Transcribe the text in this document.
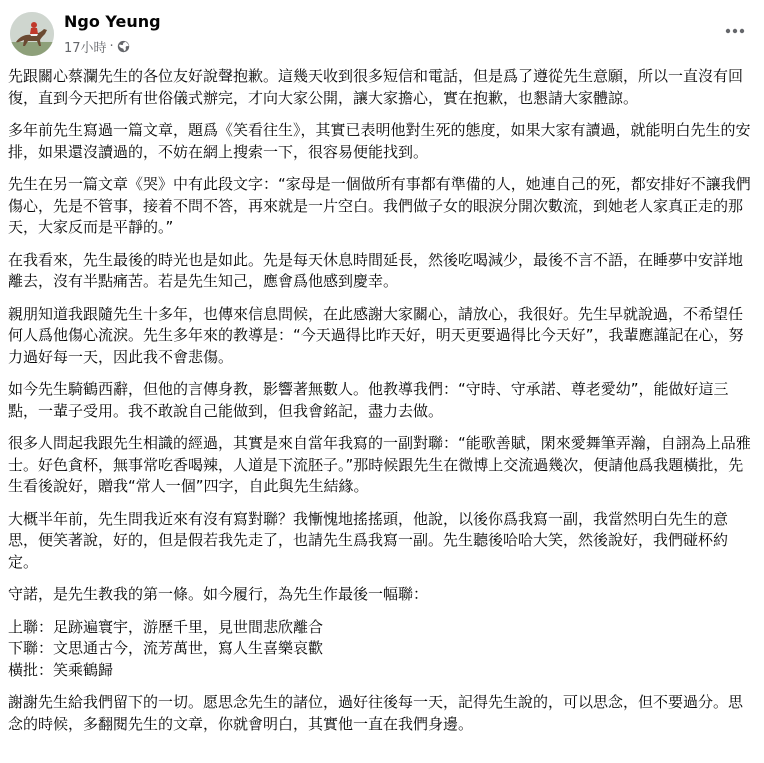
Ngo Yeung
17小時 ·

先跟關心蔡瀾先生的各位友好說聲抱歉。這幾天收到很多短信和電話，但是爲了遵從先生意願，所以一直沒有回復，直到今天把所有世俗儀式辦完，才向大家公開，讓大家擔心，實在抱歉，也懇請大家體諒。

多年前先生寫過一篇文章，題爲《笑看往生》，其實已表明他對生死的態度，如果大家有讀過，就能明白先生的安排，如果還沒讀過的，不妨在網上搜索一下，很容易便能找到。

先生在另一篇文章《哭》中有此段文字：“家母是一個做所有事都有準備的人，她連自己的死，都安排好不讓我們傷心，先是不管事，接着不問不答，再來就是一片空白。我們做子女的眼淚分開次數流，到她老人家真正走的那天，大家反而是平靜的。”

在我看來，先生最後的時光也是如此。先是每天休息時間延長，然後吃喝減少，最後不言不語，在睡夢中安詳地離去，沒有半點痛苦。若是先生知己，應會爲他感到慶幸。

親朋知道我跟隨先生十多年，也傳來信息問候，在此感謝大家關心，請放心，我很好。先生早就說過，不希望任何人爲他傷心流淚。先生多年來的教導是：“今天過得比昨天好，明天更要過得比今天好”，我輩應謹記在心，努力過好每一天，因此我不會悲傷。

如今先生騎鶴西辭，但他的言傳身教，影響著無數人。他教導我們：“守時、守承諾、尊老愛幼”，能做好這三點，一輩子受用。我不敢說自己能做到，但我會銘記，盡力去做。

很多人問起我跟先生相識的經過，其實是來自當年我寫的一副對聯：“能歌善賦，閑來愛舞筆弄瀚，自詡為上品雅士。好色貪杯，無事常吃香喝辣，人道是下流胚子。”那時候跟先生在微博上交流過幾次，便請他爲我題橫批，先生看後說好，贈我“常人一個”四字，自此與先生結緣。

大概半年前，先生問我近來有沒有寫對聯？我慚愧地搖搖頭，他說，以後你爲我寫一副，我當然明白先生的意思，便笑著說，好的，但是假若我先走了，也請先生爲我寫一副。先生聽後哈哈大笑，然後說好，我們碰杯約定。

守諾，是先生教我的第一條。如今履行，為先生作最後一幅聯：

上聯：足跡遍寰宇，游歷千里，見世間悲欣離合

下聯：文思通古今，流芳萬世，寫人生喜樂哀歡

橫批：笑乘鶴歸

謝謝先生給我們留下的一切。愿思念先生的諸位，過好往後每一天，記得先生說的，可以思念，但不要過分。思念的時候，多翻閱先生的文章，你就會明白，其實他一直在我們身邊。
